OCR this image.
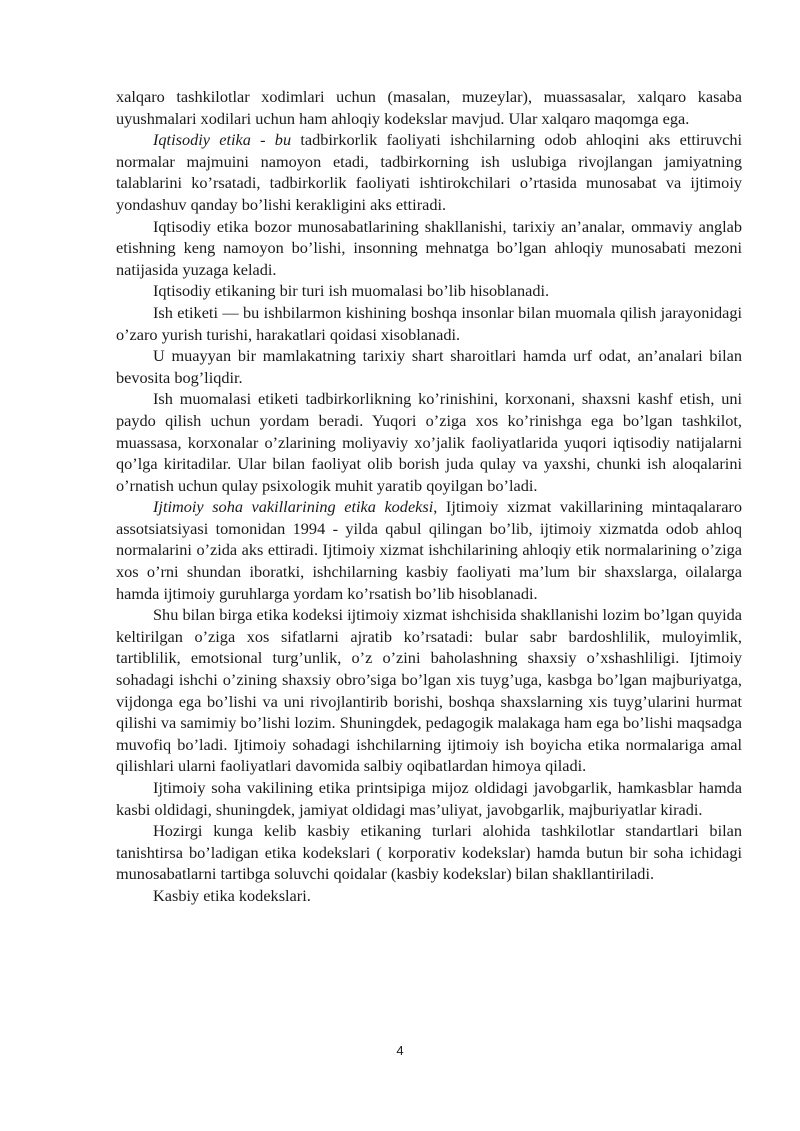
xalqaro tashkilotlar xodimlari uchun (masalan, muzeylar), muassasalar, xalqaro kasaba uyushmalari xodilari uchun ham ahloqiy kodekslar mavjud. Ular xalqaro maqomga ega.

Iqtisodiy etika - bu tadbirkorlik faoliyati ishchilarning odob ahloqini aks ettiruvchi normalar majmuini namoyon etadi, tadbirkorning ish uslubiga rivojlangan jamiyatning talablarini ko’rsatadi, tadbirkorlik faoliyati ishtirokchilari o’rtasida munosabat va ijtimoiy yondashuv qanday bo’lishi kerakligini aks ettiradi.

Iqtisodiy etika bozor munosabatlarining shakllanishi, tarixiy an’analar, ommaviy anglab etishning keng namoyon bo’lishi, insonning mehnatga bo’lgan ahloqiy munosabati mezoni natijasida yuzaga keladi.

Iqtisodiy etikaning bir turi ish muomalasi bo’lib hisoblanadi.

Ish etiketi — bu ishbilarmon kishining boshqa insonlar bilan muomala qilish jarayonidagi o’zaro yurish turishi, harakatlari qoidasi xisoblanadi.

U muayyan bir mamlakatning tarixiy shart sharoitlari hamda urf odat, an’analari bilan bevosita bog’liqdir.

Ish muomalasi etiketi tadbirkorlikning ko’rinishini, korxonani, shaxsni kashf etish, uni paydo qilish uchun yordam beradi. Yuqori o’ziga xos ko’rinishga ega bo’lgan tashkilot, muassasa, korxonalar o’zlarining moliyaviy xo’jalik faoliyatlarida yuqori iqtisodiy natijalarni qo’lga kiritadilar. Ular bilan faoliyat olib borish juda qulay va yaxshi, chunki ish aloqalarini o’rnatish uchun qulay psixologik muhit yaratib qoyilgan bo’ladi.

Ijtimoiy soha vakillarining etika kodeksi, Ijtimoiy xizmat vakillarining mintaqalararo assotsiatsiyasi tomonidan 1994 - yilda qabul qilingan bo’lib, ijtimoiy xizmatda odob ahloq normalarini o’zida aks ettiradi. Ijtimoiy xizmat ishchilarining ahloqiy etik normalarining o’ziga xos o’rni shundan iboratki, ishchilarning kasbiy faoliyati ma’lum bir shaxslarga, oilalarga hamda ijtimoiy guruhlarga yordam ko’rsatish bo’lib hisoblanadi.

Shu bilan birga etika kodeksi ijtimoiy xizmat ishchisida shakllanishi lozim bo’lgan quyida keltirilgan o’ziga xos sifatlarni ajratib ko’rsatadi: bular sabr bardoshlilik, muloyimlik, tartiblilik, emotsional turg’unlik, o’z o’zini baholashning shaxsiy o’xshashliligi. Ijtimoiy sohadagi ishchi o’zining shaxsiy obro’siga bo’lgan xis tuyg’uga, kasbga bo’lgan majburiyatga, vijdonga ega bo’lishi va uni rivojlantirib borishi, boshqa shaxslarning xis tuyg’ularini hurmat qilishi va samimiy bo’lishi lozim. Shuningdek, pedagogik malakaga ham ega bo’lishi maqsadga muvofiq bo’ladi. Ijtimoiy sohadagi ishchilarning ijtimoiy ish boyicha etika normalariga amal qilishlari ularni faoliyatlari davomida salbiy oqibatlardan himoya qiladi.

Ijtimoiy soha vakilining etika printsipiga mijoz oldidagi javobgarlik, hamkasblar hamda kasbi oldidagi, shuningdek, jamiyat oldidagi mas’uliyat, javobgarlik, majburiyatlar kiradi.

Hozirgi kunga kelib kasbiy etikaning turlari alohida tashkilotlar standartlari bilan tanishtirsa bo’ladigan etika kodekslari ( korporativ kodekslar) hamda butun bir soha ichidagi munosabatlarni tartibga soluvchi qoidalar (kasbiy kodekslar) bilan shakllantiriladi.

Kasbiy etika kodekslari.

4
